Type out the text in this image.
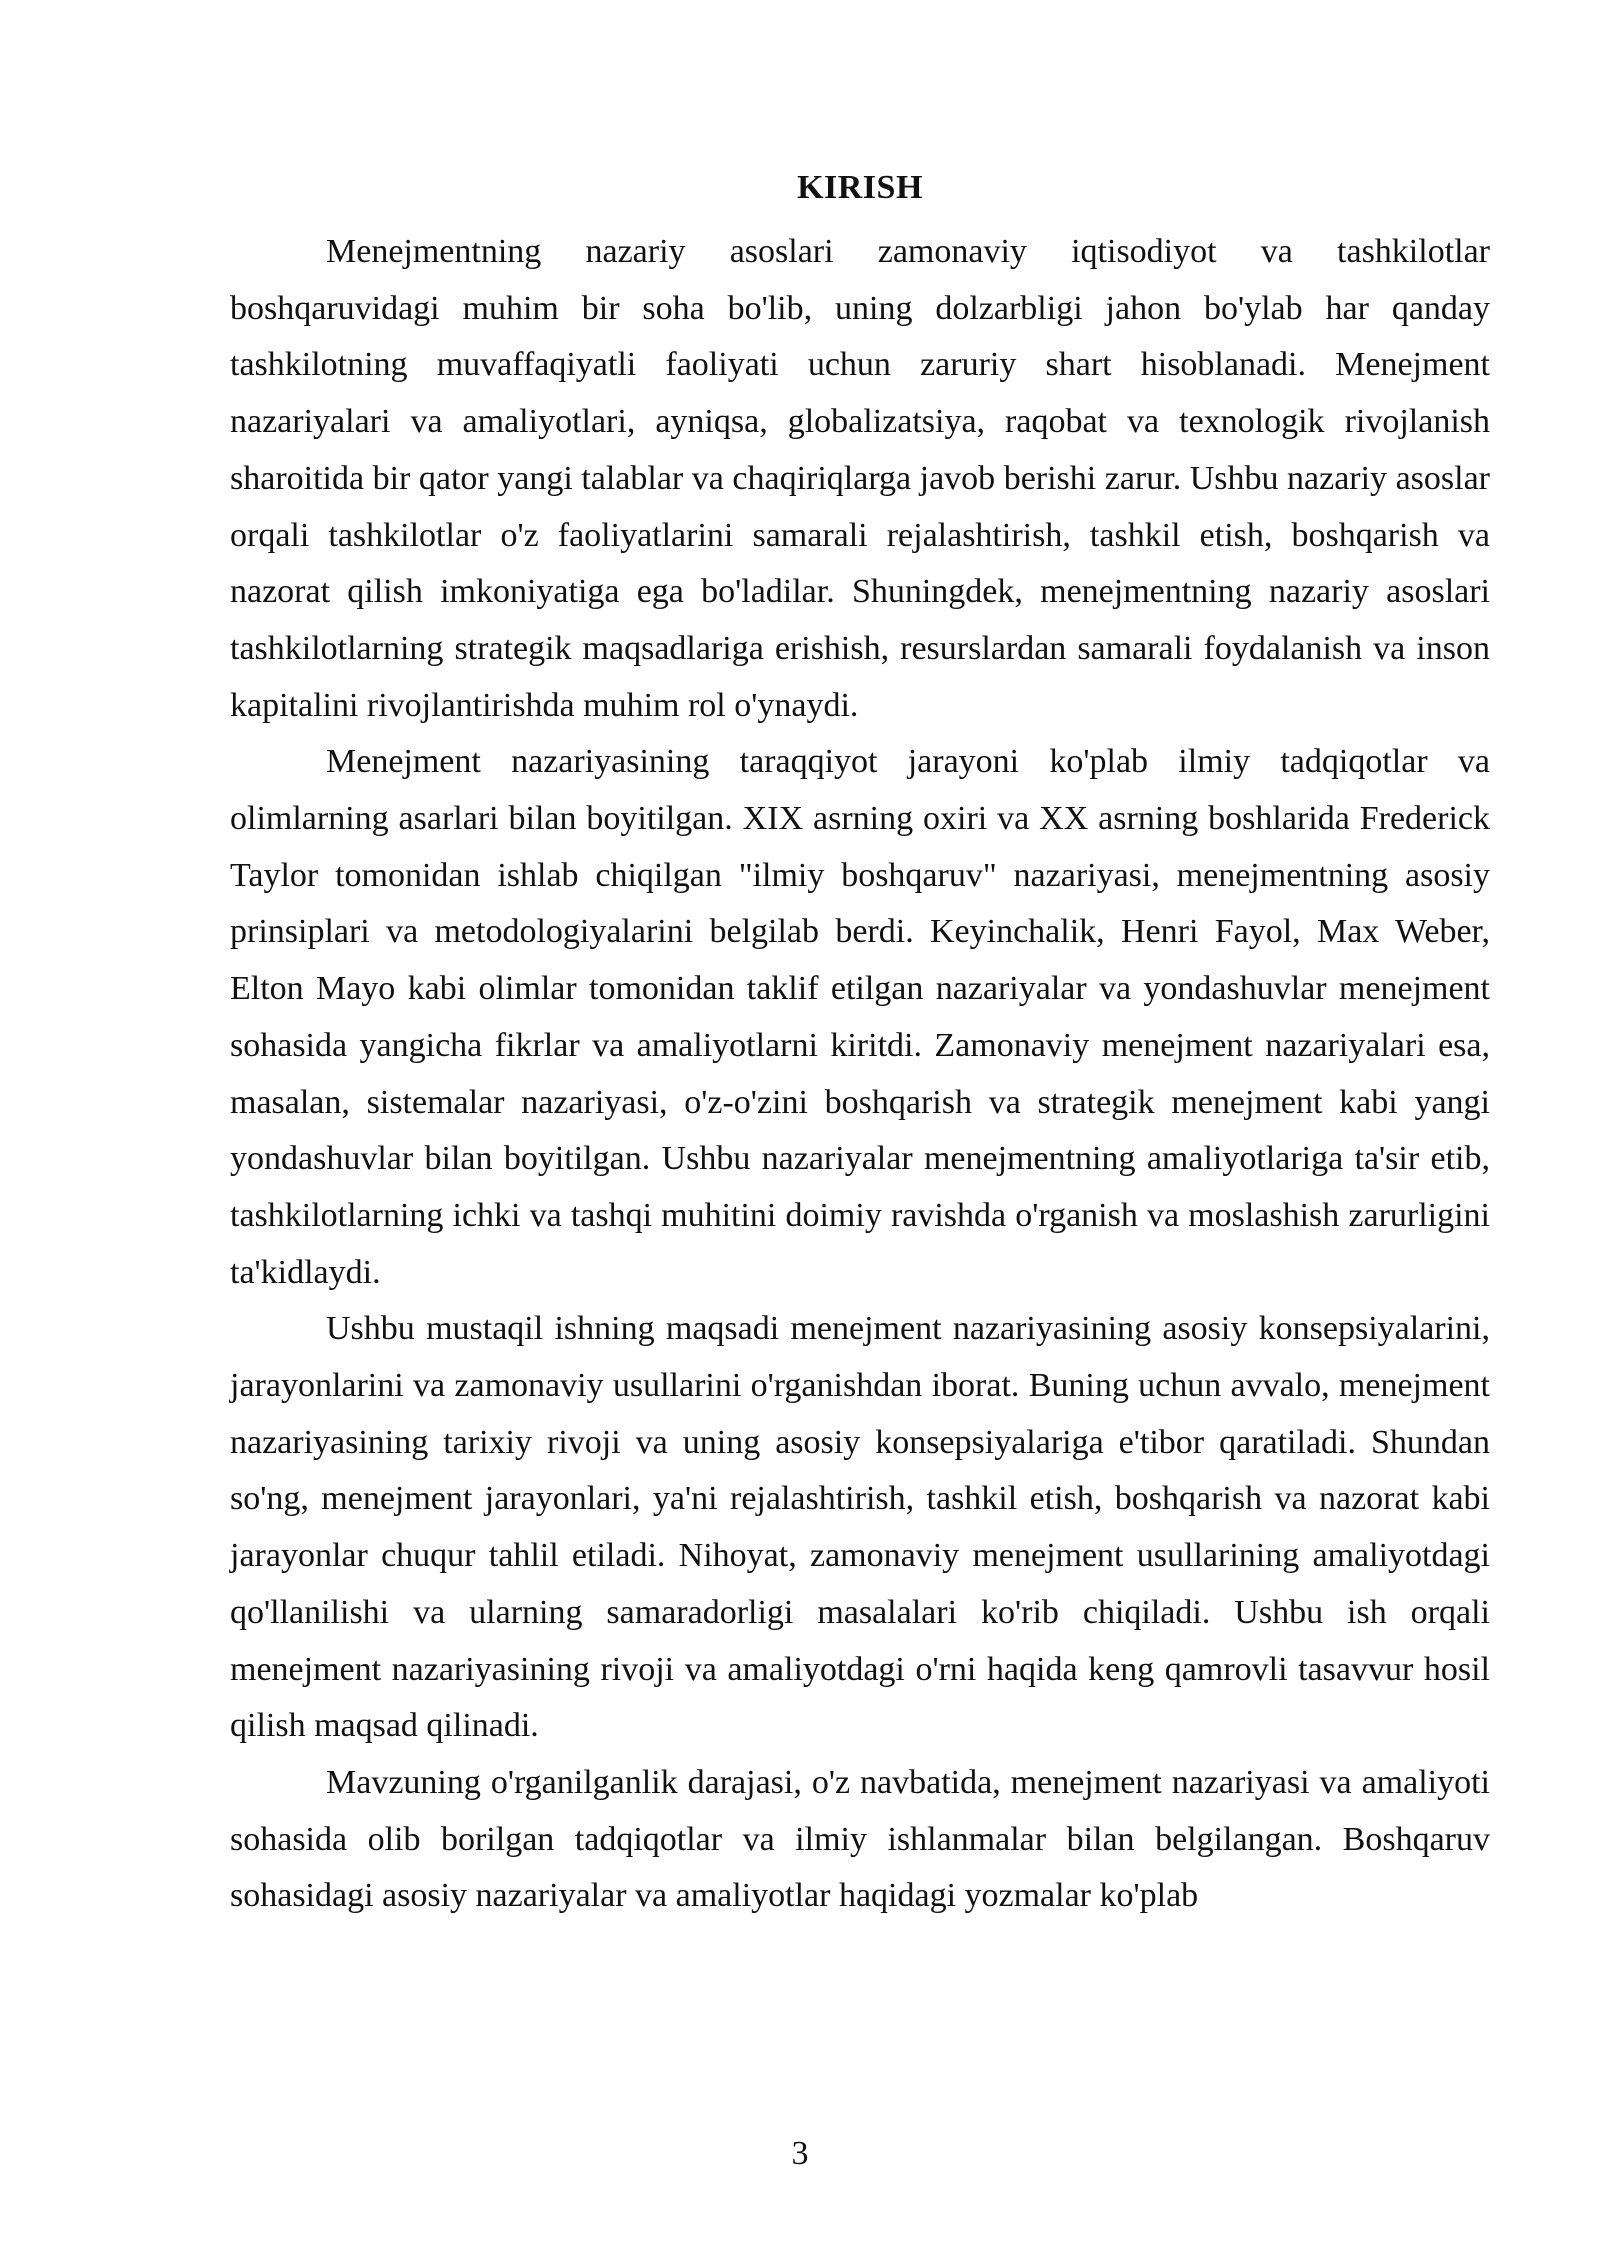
KIRISH

Menejmentning nazariy asoslari zamonaviy iqtisodiyot va tashkilotlar boshqaruvidagi muhim bir soha bo'lib, uning dolzarbligi jahon bo'ylab har qanday tashkilotning muvaffaqiyatli faoliyati uchun zaruriy shart hisoblanadi. Menejment nazariyalari va amaliyotlari, ayniqsa, globalizatsiya, raqobat va texnologik rivojlanish sharoitida bir qator yangi talablar va chaqiriqlarga javob berishi zarur. Ushbu nazariy asoslar orqali tashkilotlar o'z faoliyatlarini samarali rejalashtirish, tashkil etish, boshqarish va nazorat qilish imkoniyatiga ega bo'ladilar. Shuningdek, menejmentning nazariy asoslari tashkilotlarning strategik maqsadlariga erishish, resurslardan samarali foydalanish va inson kapitalini rivojlantirishda muhim rol o'ynaydi.

Menejment nazariyasining taraqqiyot jarayoni ko'plab ilmiy tadqiqotlar va olimlarning asarlari bilan boyitilgan. XIX asrning oxiri va XX asrning boshlarida Frederick Taylor tomonidan ishlab chiqilgan "ilmiy boshqaruv" nazariyasi, menejmentning asosiy prinsiplari va metodologiyalarini belgilab berdi. Keyinchalik, Henri Fayol, Max Weber, Elton Mayo kabi olimlar tomonidan taklif etilgan nazariyalar va yondashuvlar menejment sohasida yangicha fikrlar va amaliyotlarni kiritdi. Zamonaviy menejment nazariyalari esa, masalan, sistemalar nazariyasi, o'z-o'zini boshqarish va strategik menejment kabi yangi yondashuvlar bilan boyitilgan. Ushbu nazariyalar menejmentning amaliyotlariga ta'sir etib, tashkilotlarning ichki va tashqi muhitini doimiy ravishda o'rganish va moslashish zarurligini ta'kidlaydi.

Ushbu mustaqil ishning maqsadi menejment nazariyasining asosiy konsepsiyalarini, jarayonlarini va zamonaviy usullarini o'rganishdan iborat. Buning uchun avvalo, menejment nazariyasining tarixiy rivoji va uning asosiy konsepsiyalariga e'tibor qaratiladi. Shundan so'ng, menejment jarayonlari, ya'ni rejalashtirish, tashkil etish, boshqarish va nazorat kabi jarayonlar chuqur tahlil etiladi. Nihoyat, zamonaviy menejment usullarining amaliyotdagi qo'llanilishi va ularning samaradorligi masalalari ko'rib chiqiladi. Ushbu ish orqali menejment nazariyasining rivoji va amaliyotdagi o'rni haqida keng qamrovli tasavvur hosil qilish maqsad qilinadi.

Mavzuning o'rganilganlik darajasi, o'z navbatida, menejment nazariyasi va amaliyoti sohasida olib borilgan tadqiqotlar va ilmiy ishlanmalar bilan belgilangan. Boshqaruv sohasidagi asosiy nazariyalar va amaliyotlar haqidagi yozmalar ko'plab

3
